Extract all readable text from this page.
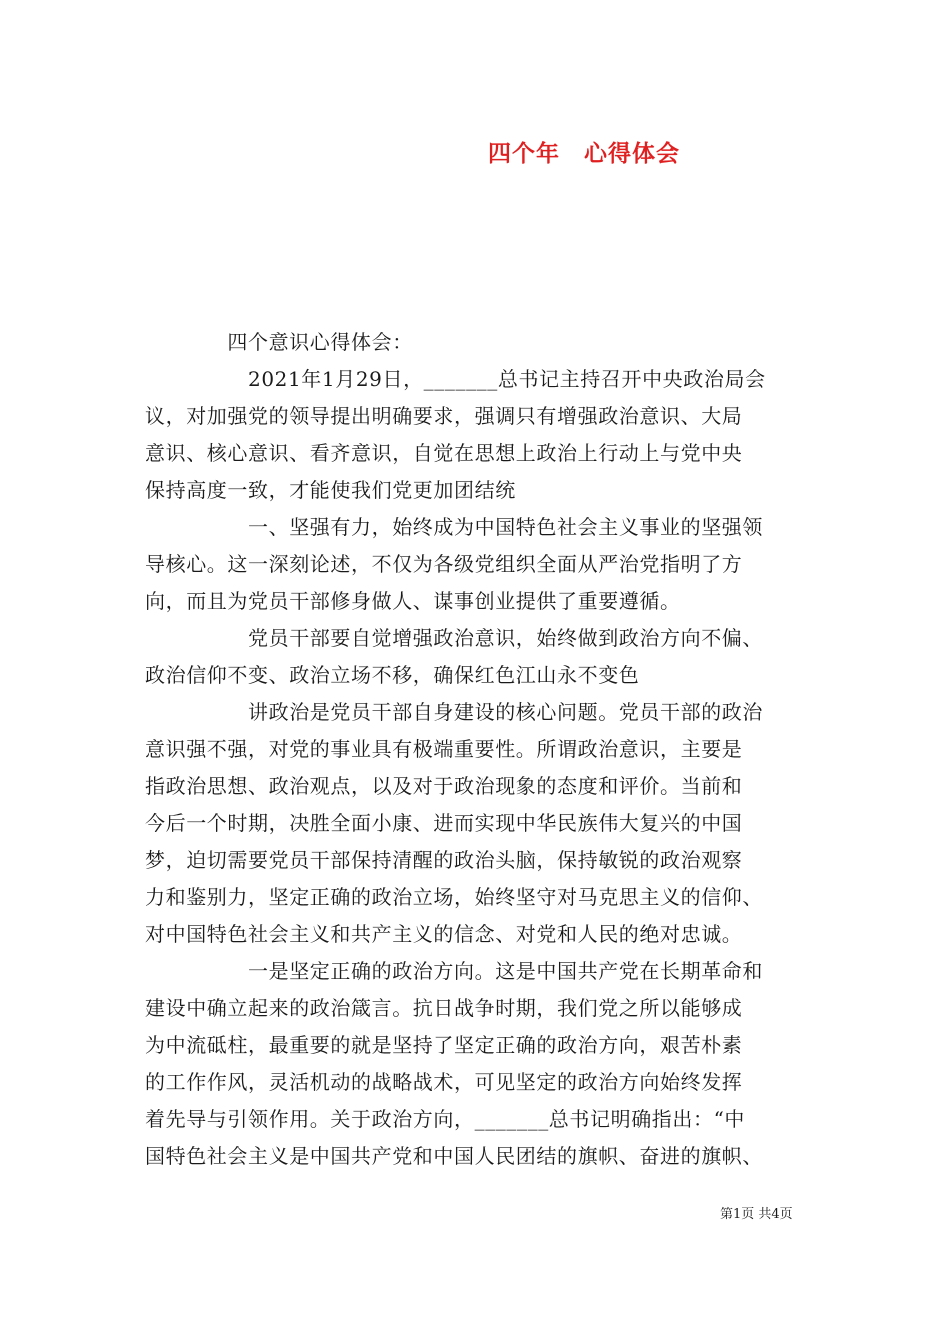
四个年　心得体会
　　　　四个意识心得体会：
　　　　　2021年1月29日，_______总书记主持召开中央政治局会
议，对加强党的领导提出明确要求，强调只有增强政治意识、大局
意识、核心意识、看齐意识，自觉在思想上政治上行动上与党中央
保持高度一致，才能使我们党更加团结统
　　　　　一、坚强有力，始终成为中国特色社会主义事业的坚强领
导核心。这一深刻论述，不仅为各级党组织全面从严治党指明了方
向，而且为党员干部修身做人、谋事创业提供了重要遵循。
　　　　　党员干部要自觉增强政治意识，始终做到政治方向不偏、
政治信仰不变、政治立场不移，确保红色江山永不变色
　　　　　讲政治是党员干部自身建设的核心问题。党员干部的政治
意识强不强，对党的事业具有极端重要性。所谓政治意识，主要是
指政治思想、政治观点，以及对于政治现象的态度和评价。当前和
今后一个时期，决胜全面小康、进而实现中华民族伟大复兴的中国
梦，迫切需要党员干部保持清醒的政治头脑，保持敏锐的政治观察
力和鉴别力，坚定正确的政治立场，始终坚守对马克思主义的信仰、
对中国特色社会主义和共产主义的信念、对党和人民的绝对忠诚。
　　　　　一是坚定正确的政治方向。这是中国共产党在长期革命和
建设中确立起来的政治箴言。抗日战争时期，我们党之所以能够成
为中流砥柱，最重要的就是坚持了坚定正确的政治方向，艰苦朴素
的工作作风，灵活机动的战略战术，可见坚定的政治方向始终发挥
着先导与引领作用。关于政治方向，_______总书记明确指出：“中
国特色社会主义是中国共产党和中国人民团结的旗帜、奋进的旗帜、
第1页 共4页
